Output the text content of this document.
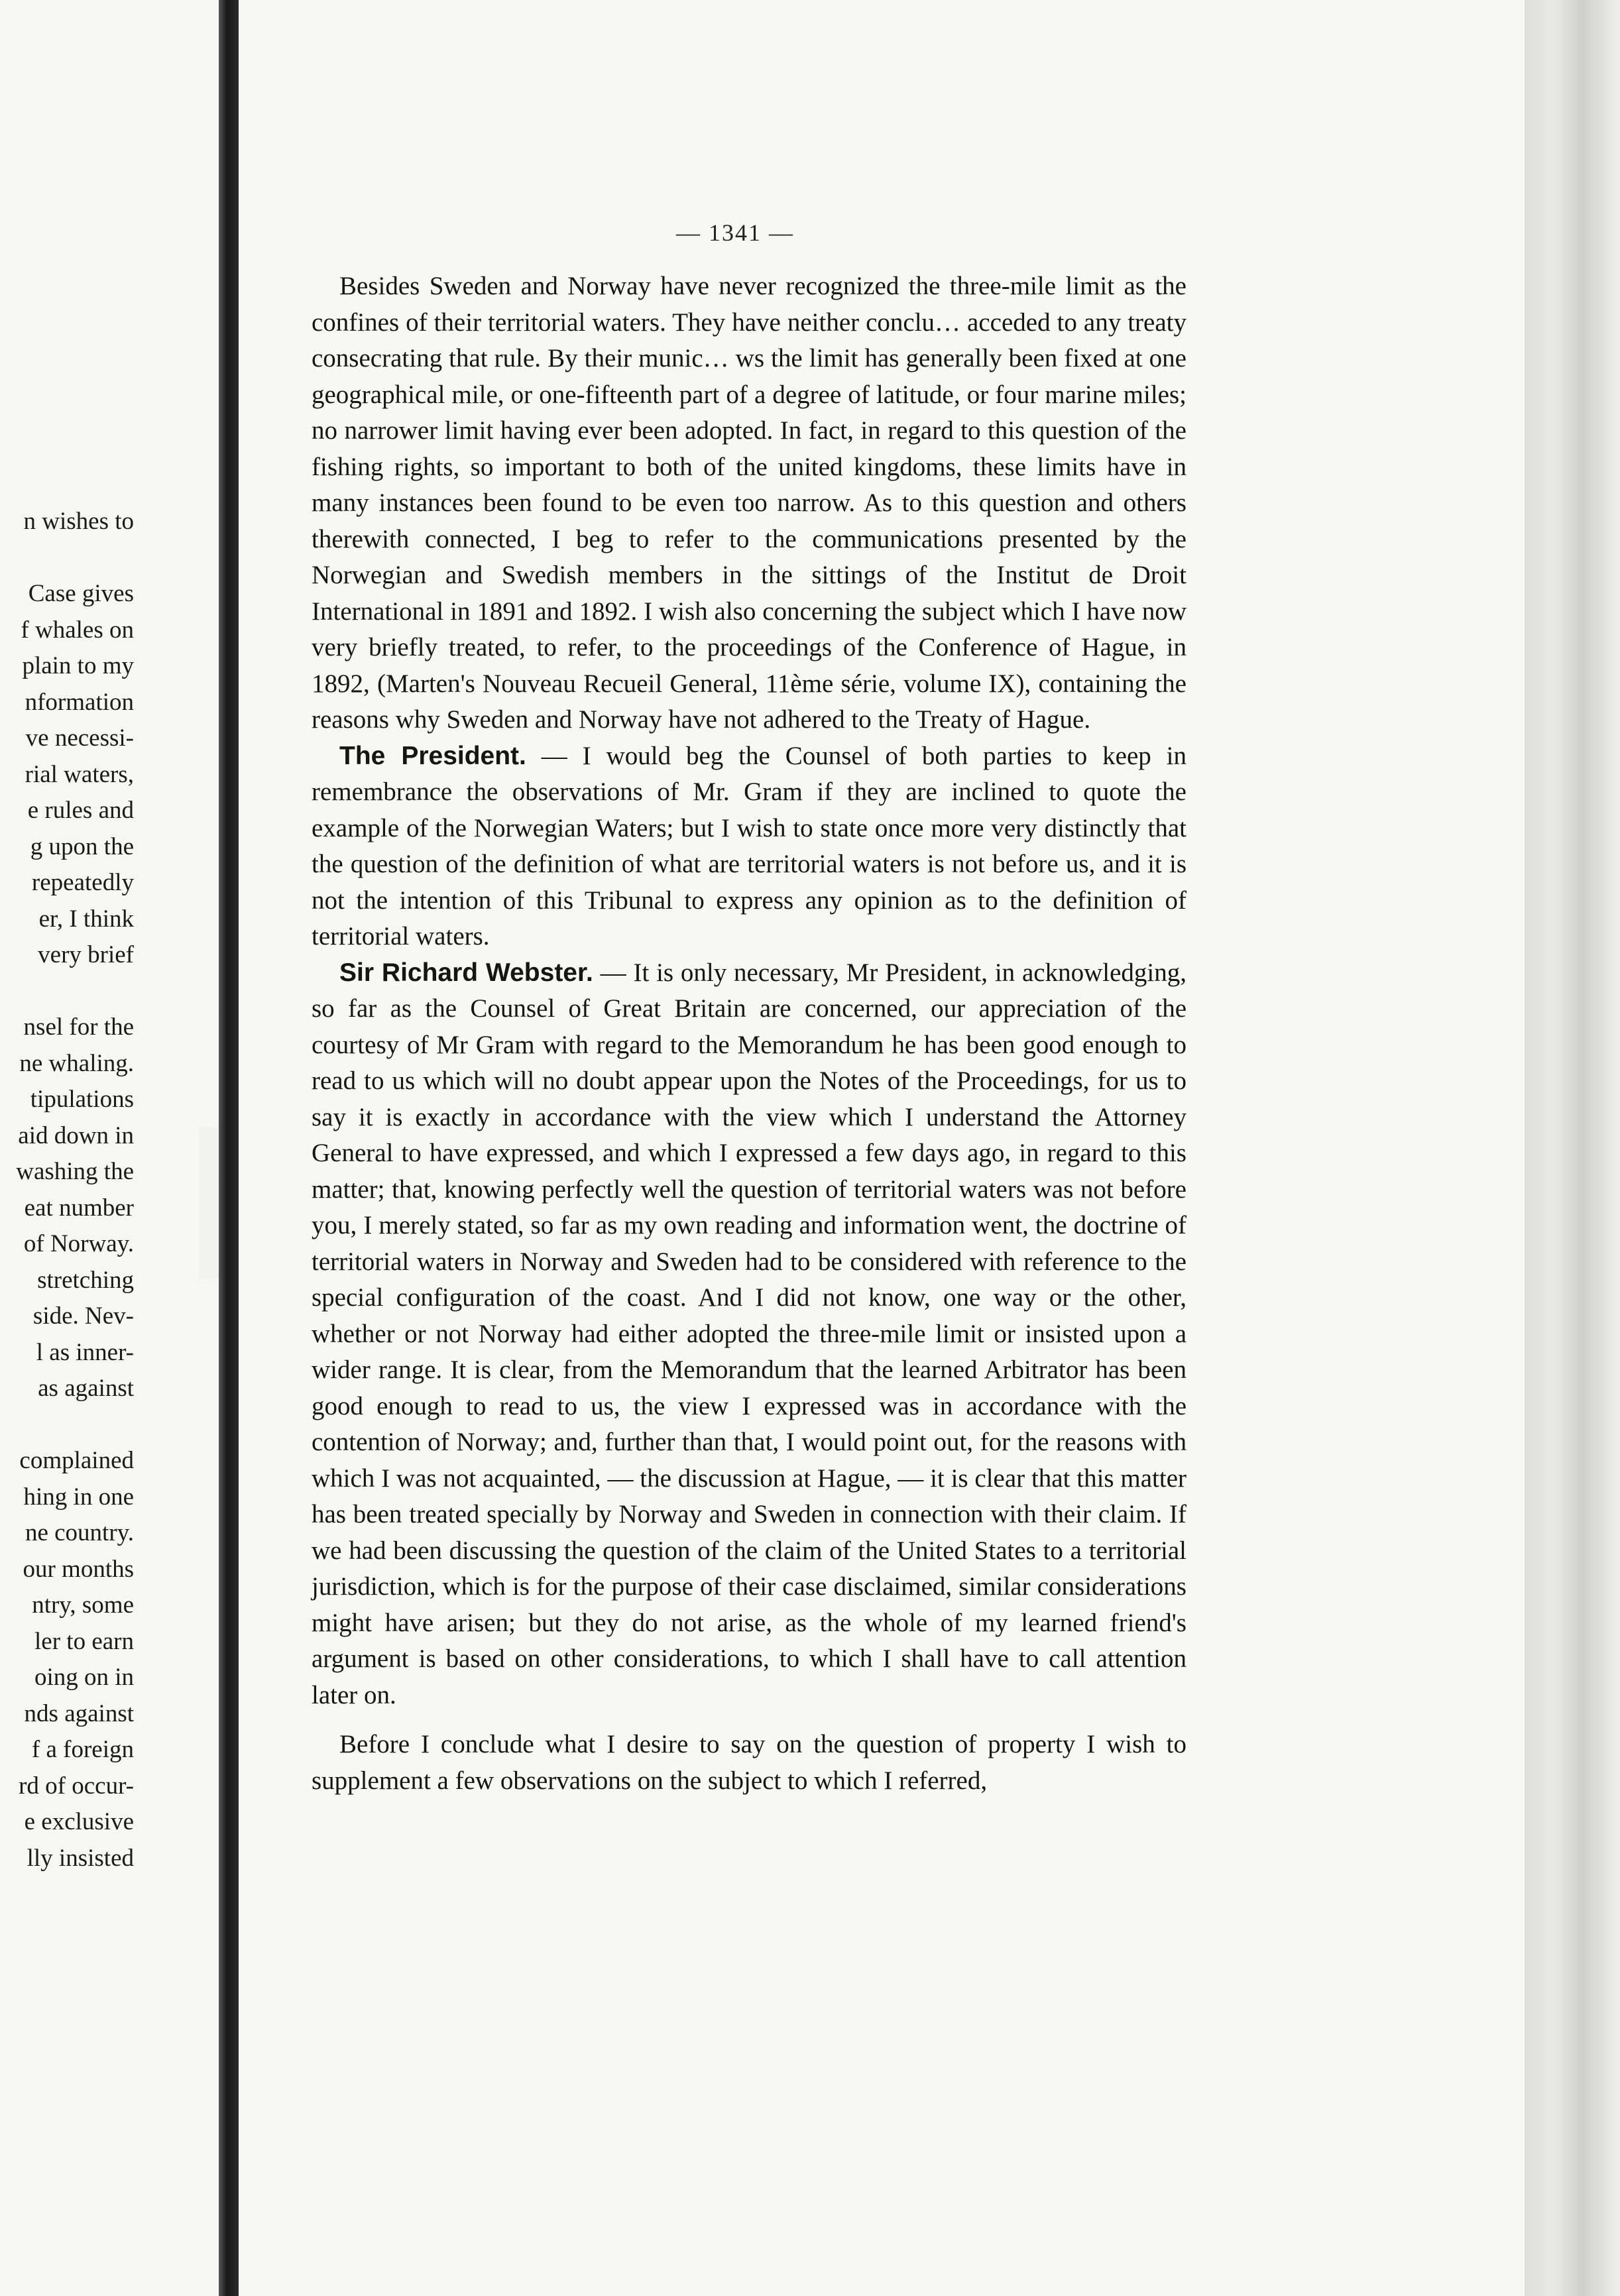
n wishes to
Case gives
f whales on
plain to my
nformation
ve necessi-
rial waters,
e rules and
g upon the
repeatedly
er, I think
very brief
nsel for the
ne whaling.
tipulations
aid down in
washing the
eat number
of Norway.
stretching
side. Nev-
l as inner-
as against
complained
hing in one
ne country.
our months
ntry, some
ler to earn
oing on in
nds against
f a foreign
rd of occur-
e exclusive
lly insisted
— 1341 —

Besides Sweden and Norway have never recognized the three-mile limit as the confines of their territorial waters. They have neither conclu… acceded to any treaty consecrating that rule. By their munic… ws the limit has generally been fixed at one geographical mile, or one-fifteenth part of a degree of latitude, or four marine miles; no narrower limit having ever been adopted. In fact, in regard to this question of the fishing rights, so important to both of the united kingdoms, these limits have in many instances been found to be even too narrow. As to this question and others therewith connected, I beg to refer to the communications presented by the Norwegian and Swedish members in the sittings of the Institut de Droit International in 1891 and 1892. I wish also concerning the subject which I have now very briefly treated, to refer, to the proceedings of the Conference of Hague, in 1892, (Marten's Nouveau Recueil General, 11ème série, volume IX), containing the reasons why Sweden and Norway have not adhered to the Treaty of Hague.

The President. — I would beg the Counsel of both parties to keep in remembrance the observations of Mr. Gram if they are inclined to quote the example of the Norwegian Waters; but I wish to state once more very distinctly that the question of the definition of what are territorial waters is not before us, and it is not the intention of this Tribunal to express any opinion as to the definition of territorial waters.

Sir Richard Webster. — It is only necessary, Mr President, in acknowledging, so far as the Counsel of Great Britain are concerned, our appreciation of the courtesy of Mr Gram with regard to the Memorandum he has been good enough to read to us which will no doubt appear upon the Notes of the Proceedings, for us to say it is exactly in accordance with the view which I understand the Attorney General to have expressed, and which I expressed a few days ago, in regard to this matter; that, knowing perfectly well the question of territorial waters was not before you, I merely stated, so far as my own reading and information went, the doctrine of territorial waters in Norway and Sweden had to be considered with reference to the special configuration of the coast. And I did not know, one way or the other, whether or not Norway had either adopted the three-mile limit or insisted upon a wider range. It is clear, from the Memorandum that the learned Arbitrator has been good enough to read to us, the view I expressed was in accordance with the contention of Norway; and, further than that, I would point out, for the reasons with which I was not acquainted, — the discussion at Hague, — it is clear that this matter has been treated specially by Norway and Sweden in connection with their claim. If we had been discussing the question of the claim of the United States to a territorial jurisdiction, which is for the purpose of their case disclaimed, similar considerations might have arisen; but they do not arise, as the whole of my learned friend's argument is based on other considerations, to which I shall have to call attention later on.

Before I conclude what I desire to say on the question of property I wish to supplement a few observations on the subject to which I referred,
